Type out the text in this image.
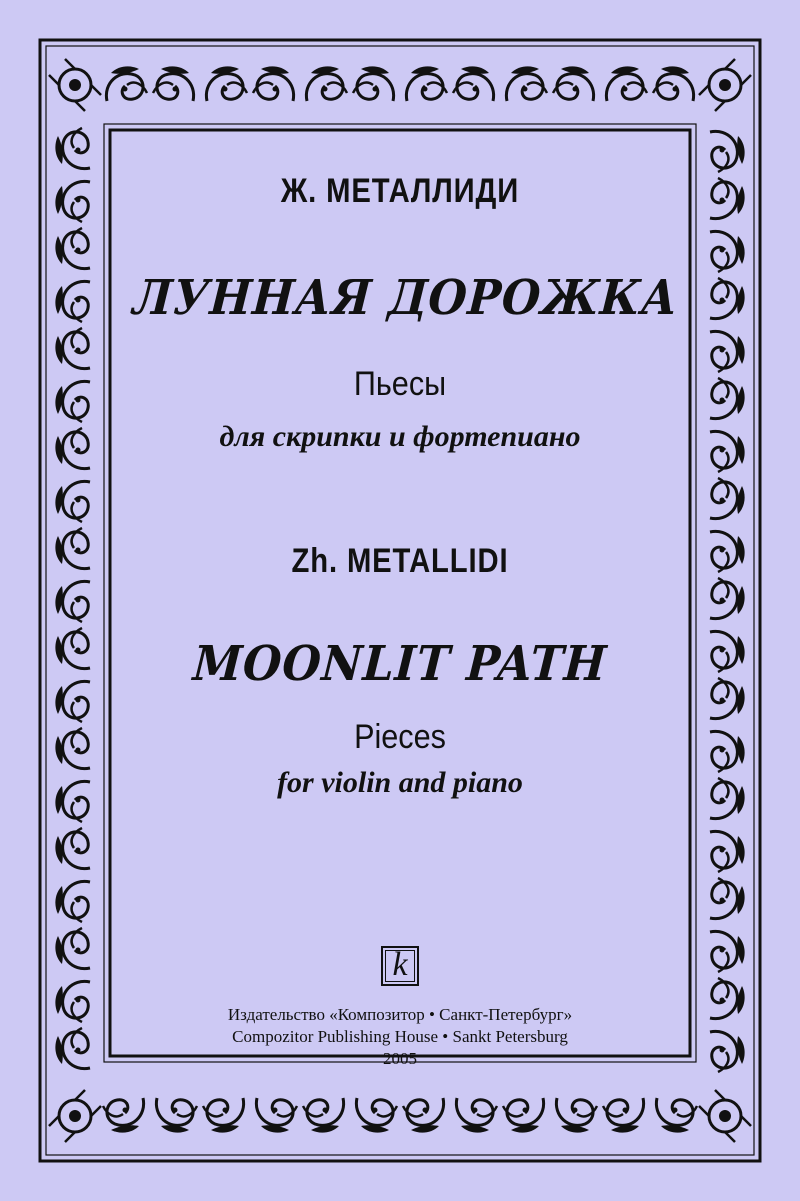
Ж. МЕТАЛЛИДИ
ЛУННАЯ ДОРОЖКА
Пьесы
для скрипки и фортепиано
Zh. METALLIDI
MOONLIT PATH
Pieces
for violin and piano
k
Издательство «Композитор • Санкт-Петербург»
Compozitor Publishing House • Sankt Petersburg
2005
